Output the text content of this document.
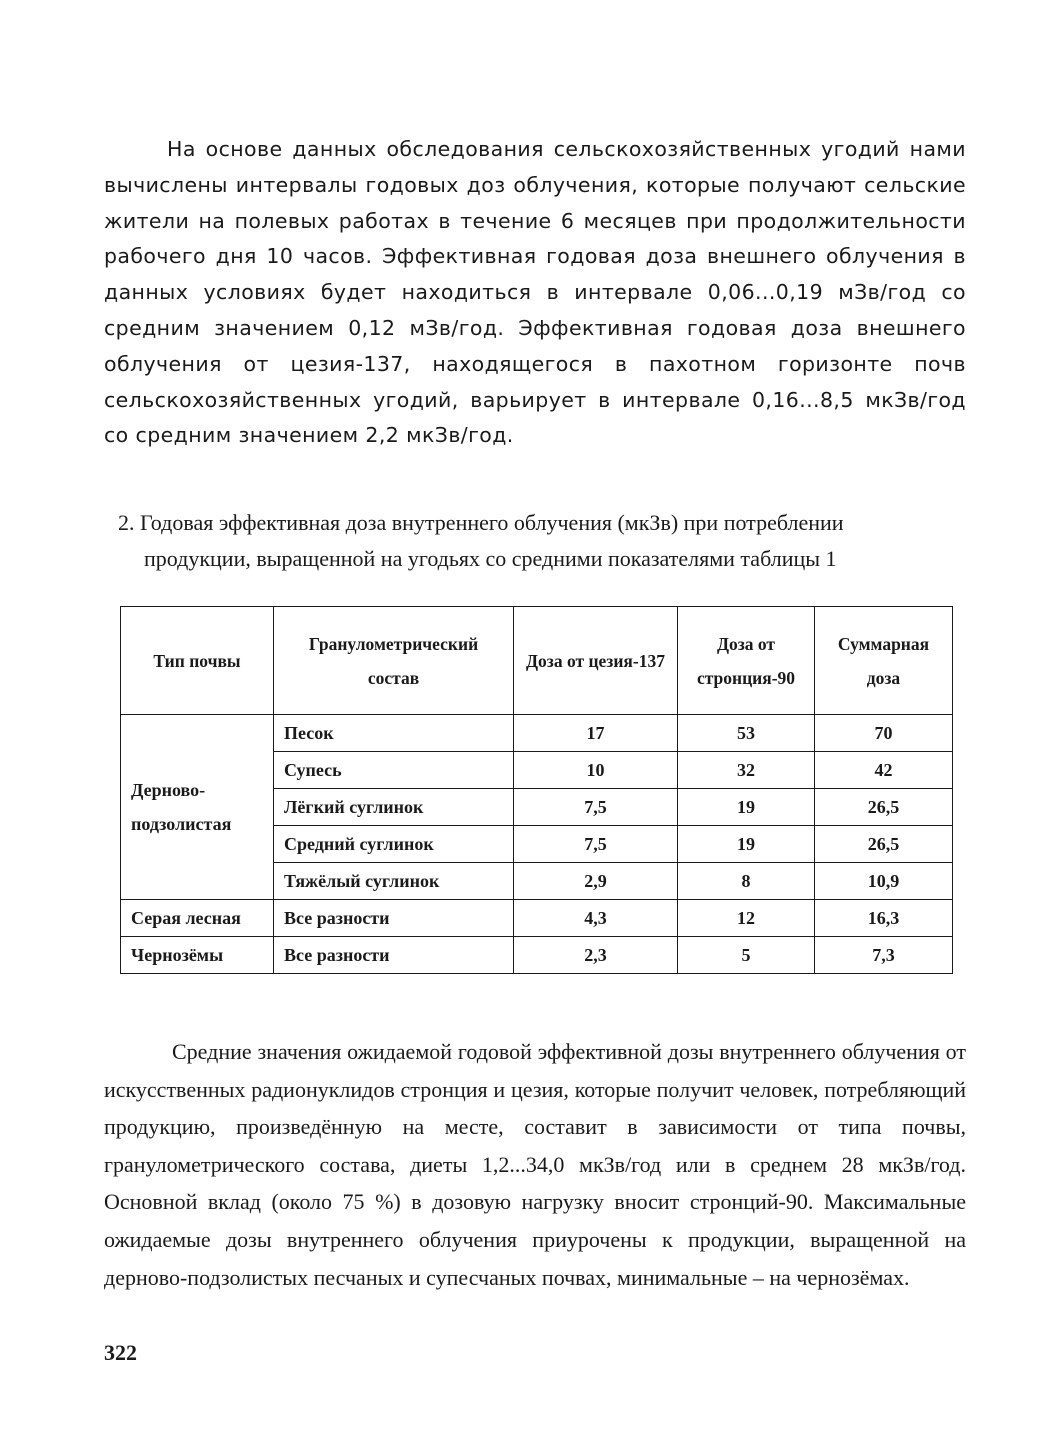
На основе данных обследования сельскохозяйственных угодий нами вычислены интервалы годовых доз облучения, которые получают сельские жители на полевых работах в течение 6 месяцев при продолжительности рабочего дня 10 часов. Эффективная годовая доза внешнего облучения в данных условиях будет находиться в интервале 0,06...0,19 мЗв/год со средним значением 0,12 мЗв/год. Эффективная годовая доза внешнего облучения от цезия-137, находящегося в пахотном горизонте почв сельскохозяйственных угодий, варьирует в интервале 0,16...8,5 мкЗв/год со средним значением 2,2 мкЗв/год.

2. Годовая эффективная доза внутреннего облучения (мкЗв) при потреблении
продукции, выращенной на угодьях со средними показателями таблицы 1

Тип почвы	Гранулометрический состав	Доза от цезия-137	Доза от стронция-90	Суммарная доза
Дерново-подзолистая	Песок	17	53	70
	Супесь	10	32	42
	Лёгкий суглинок	7,5	19	26,5
	Средний суглинок	7,5	19	26,5
	Тяжёлый суглинок	2,9	8	10,9
Серая лесная	Все разности	4,3	12	16,3
Чернозёмы	Все разности	2,3	5	7,3

Средние значения ожидаемой годовой эффективной дозы внутреннего облучения от искусственных радионуклидов стронция и цезия, которые получит человек, потребляющий продукцию, произведённую на месте, составит в зависимости от типа почвы, гранулометрического состава, диеты 1,2...34,0 мкЗв/год или в среднем 28 мкЗв/год. Основной вклад (около 75 %) в дозовую нагрузку вносит стронций-90. Максимальные ожидаемые дозы внутреннего облучения приурочены к продукции, выращенной на дерново-подзолистых песчаных и супесчаных почвах, минимальные – на чернозёмах.

322
